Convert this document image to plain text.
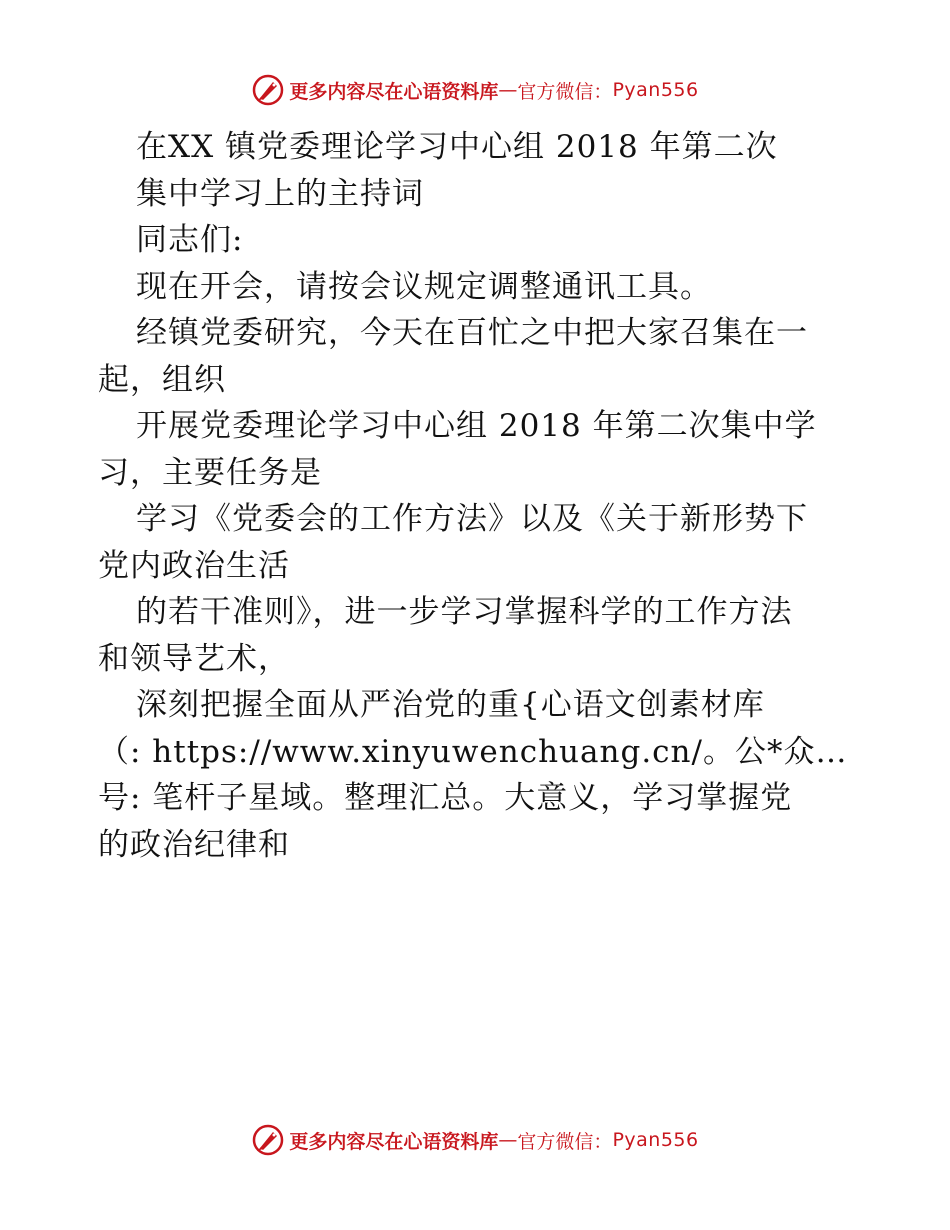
更多内容尽在心语资料库 — 官方微信： Pyan556
在XX 镇党委理论学习中心组 2018 年第二次
集中学习上的主持词
同志们:
现在开会，请按会议规定调整通讯工具。
经镇党委研究，今天在百忙之中把大家召集在一
起，组织
开展党委理论学习中心组 2018 年第二次集中学
习，主要任务是
学习《党委会的工作方法》以及《关于新形势下
党内政治生活
的若干准则》，进一步学习掌握科学的工作方法
和领导艺术，
深刻把握全面从严治党的重{心语文创素材库
（: https://www.xinyuwenchuang.cn/。公*众…
号: 笔杆子星域。整理汇总。大意义，学习掌握党
的政治纪律和
更多内容尽在心语资料库 — 官方微信： Pyan556
